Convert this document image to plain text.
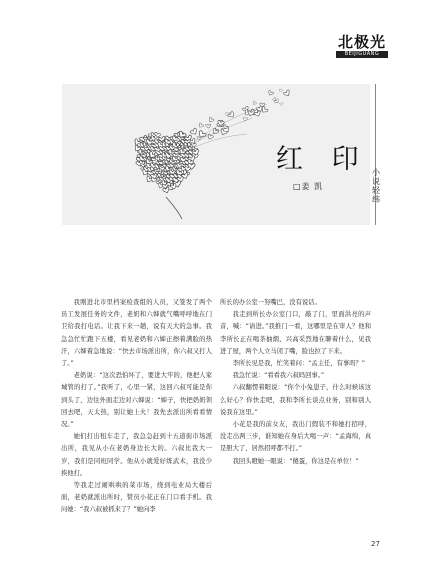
北极光
BEIJIGUANG
红 印
□姜 凯
小说轻纬

我刚进北市里档案检查组的人员，又签发了两个员工发展任务的文件，老奶和六婶就气嘴呼呼地在门卫给我打电话。让我下来一趟，说有天大的急事。我急急忙忙跑下五楼，看见老奶和六婶正擦着满脸的热汗，六婶着急地说：“快去市场派出所，你六叔又打人了。”

老奶说：“这次恐怕坏了，要进大牢的，他把人家城管的打了。”我听了，心里一紧，这回六叔可能是你到头了，边往外面走边对六婶说：“婶子，快把奶奶领回去吧，天太热，别让她上火！我先去派出所看看情况。”

她们打出租车走了，我急急赶到十五道街市场派出所，我见从小在老奶身边长大的。六叔比我大一岁，我们是同班同学。他从小就爱好练武术，我没少挨他打。

等我走过闹哄哄的菜市场，绕到电业局大楼后面，老奶就派出所时，赞员小花正在门口看手机。我问她：“我六叔被抓来了？”她向李

所长的办公室一努嘴巴，没有说话。

我走到所长办公室门口，敲了门，里面洪亮的声音，喊：“请进。”我推门一看，这哪里是在审人？他和李所长正在喝茶抽烟，兴高采烈地在聊着什么，见我进了屋，两个人立马闭了嘴，脸也拉了下来。

李所长见是我，忙笑着问：“孟主任，有事吗？”

我急忙说：“看看我六叔吗回事。”

六叔翻愣着眼说：“你个小兔崽子，什么时候该这么好心？你快走吧，我和李所长谈点业务，别和别人说我在这里。”

小花是我的前女友，我出门假装不和她打招呼，没走出两三步，谁知她在身后大喝一声：“孟海绵，真是胆大了，居然招呼都不打。”

我回头瞪她一眼说：“傻蛋，你这是在单位！”

27
